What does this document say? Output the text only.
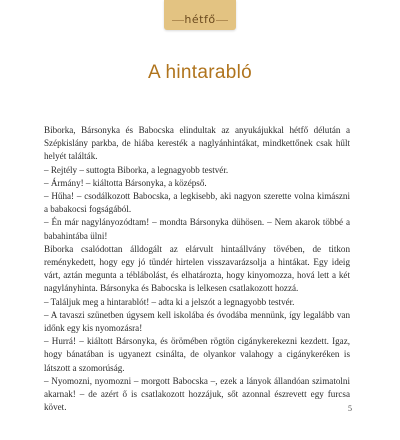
hétfő
A hintarabló

Biborka, Bársonyka és Babocska elindultak az anyukájukkal hétfő délután a Szépkislány parkba, de hiába keresték a naglyánhintákat, mindkettőnek csak hűlt helyét találták.

– Rejtély – suttogta Biborka, a legnagyobb testvér.

– Ármány! – kiáltotta Bársonyka, a középső.

– Hűha! – csodálkozott Babocska, a legkisebb, aki nagyon szerette volna kimászni a babakocsi fogságából.

– Én már nagylányozódtam! – mondta Bársonyka dühösen. – Nem akarok többé a babahintába ülni!

Biborka csalódottan álldogált az elárvult hintaállvány tövében, de titkon reménykedett, hogy egy jó tündér hirtelen visszavarázsolja a hintákat. Egy ideig várt, aztán megunta a téblábolást, és elhatározta, hogy kinyomozza, hová lett a két nagylányhinta. Bársonyka és Babocska is lelkesen csatlakozott hozzá.

– Találjuk meg a hintarablót! – adta ki a jelszót a legnagyobb testvér.

– A tavaszi szünetben úgysem kell iskolába és óvodába mennünk, így legalább van időnk egy kis nyomozásra!

– Hurrá! – kiáltott Bársonyka, és örömében rögtön cigánykerekezni kezdett. Igaz, hogy bánatában is ugyanezt csinálta, de olyankor valahogy a cigánykeréken is látszott a szomorúság.

– Nyomozni, nyomozni – morgott Babocska –, ezek a lányok állandóan szimatolni akarnak! – de azért ő is csatlakozott hozzájuk, sőt azonnal észrevett egy furcsa követ.	5
